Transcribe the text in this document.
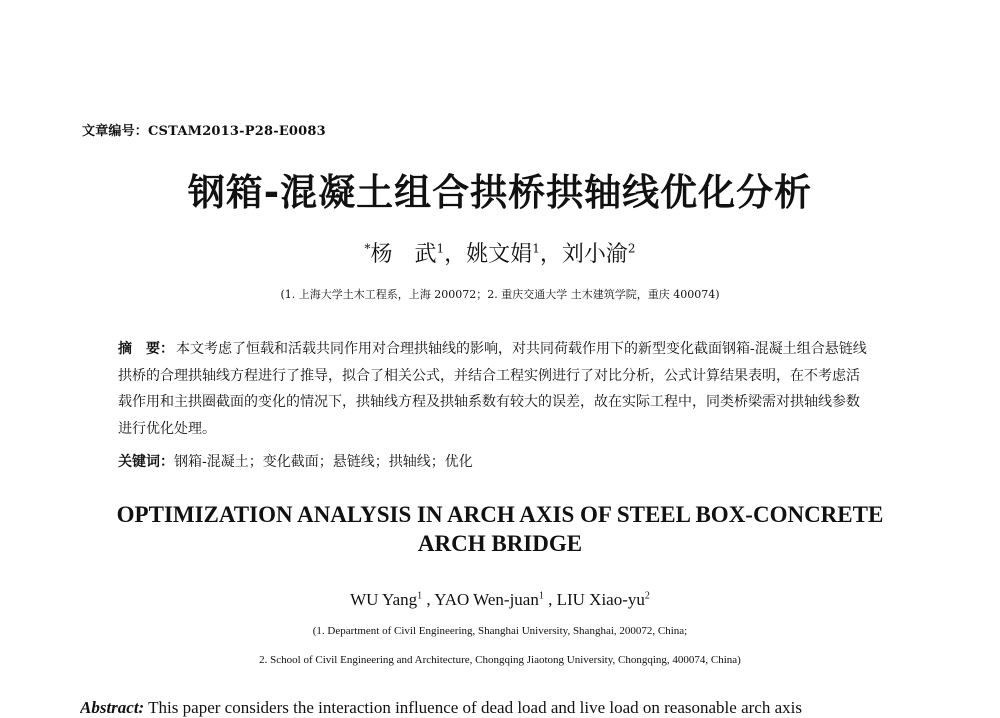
文章编号：CSTAM2013-P28-E0083
钢箱-混凝土组合拱桥拱轴线优化分析
*杨　武$^1$，姚文娟$^1$，刘小渝$^2$
(1. 上海大学土木工程系，上海 200072；2. 重庆交通大学 土木建筑学院，重庆 400074)
摘　要： 本文考虑了恒载和活载共同作用对合理拱轴线的影响，对共同荷载作用下的新型变化截面钢箱-混凝土组合悬链线拱桥的合理拱轴线方程进行了推导，拟合了相关公式，并结合工程实例进行了对比分析，公式计算结果表明，在不考虑活载作用和主拱圈截面的变化的情况下，拱轴线方程及拱轴系数有较大的误差，故在实际工程中，同类桥梁需对拱轴线参数进行优化处理。
关键词：钢箱-混凝土；变化截面；悬链线；拱轴线；优化
OPTIMIZATION ANALYSIS IN ARCH AXIS OF STEEL BOX-CONCRETE
ARCH BRIDGE
WU Yang$^1$ , YAO Wen-juan$^1$ , LIU Xiao-$yu^2$
(1. Department of Civil Engineering, Shanghai University, Shanghai, 200072, China;
2. School of Civil Engineering and Architecture, Chongqing Jiaotong University, Chongqing, 400074, China)
Abstract: This paper considers the interaction influence of dead load and live load on reasonable arch axis
